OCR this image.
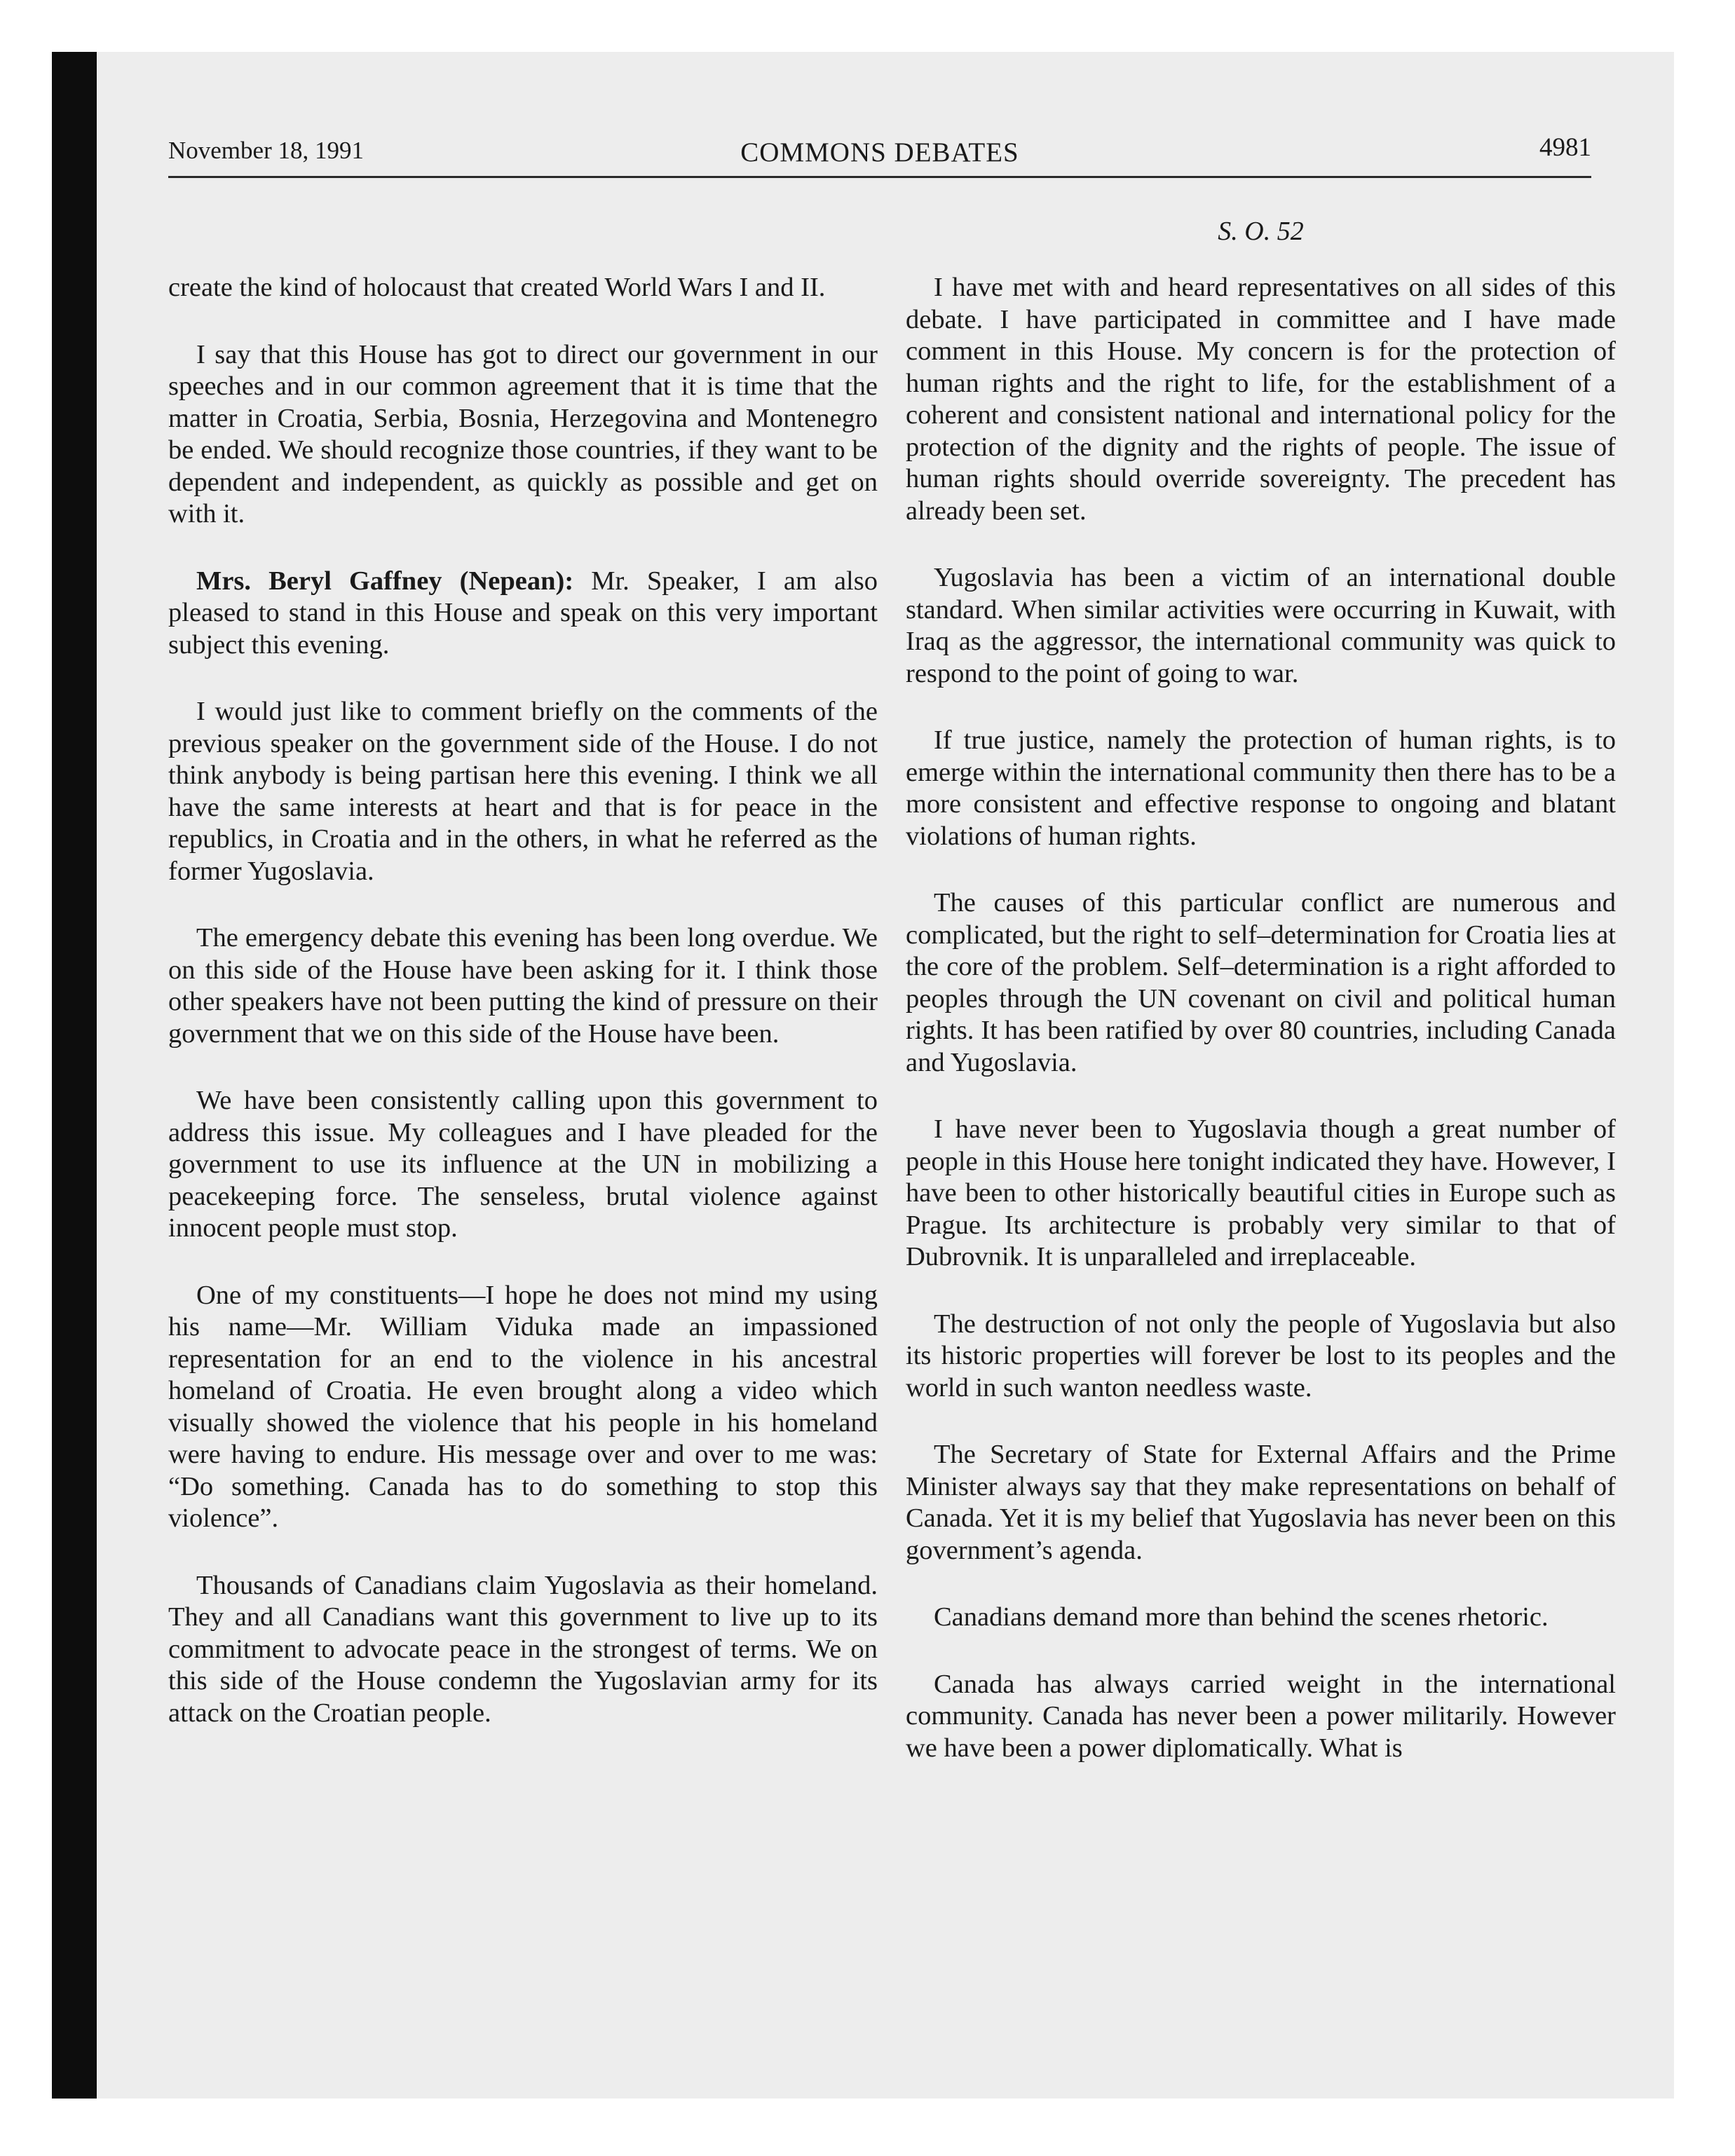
November 18, 1991	COMMONS DEBATES	4981
S. O. 52

create the kind of holocaust that created World Wars I and II.

I say that this House has got to direct our government in our speeches and in our common agreement that it is time that the matter in Croatia, Serbia, Bosnia, Herzegovina and Montenegro be ended. We should recognize those countries, if they want to be dependent and independent, as quickly as possible and get on with it.

Mrs. Beryl Gaffney (Nepean): Mr. Speaker, I am also pleased to stand in this House and speak on this very important subject this evening.

I would just like to comment briefly on the comments of the previous speaker on the government side of the House. I do not think anybody is being partisan here this evening. I think we all have the same interests at heart and that is for peace in the republics, in Croatia and in the others, in what he referred as the former Yugoslavia.

The emergency debate this evening has been long overdue. We on this side of the House have been asking for it. I think those other speakers have not been putting the kind of pressure on their government that we on this side of the House have been.

We have been consistently calling upon this government to address this issue. My colleagues and I have pleaded for the government to use its influence at the UN in mobilizing a peacekeeping force. The senseless, brutal violence against innocent people must stop.

One of my constituents—I hope he does not mind my using his name—Mr. William Viduka made an impassioned representation for an end to the violence in his ancestral homeland of Croatia. He even brought along a video which visually showed the violence that his people in his homeland were having to endure. His message over and over to me was: “Do something. Canada has to do something to stop this violence”.

Thousands of Canadians claim Yugoslavia as their homeland. They and all Canadians want this government to live up to its commitment to advocate peace in the strongest of terms. We on this side of the House condemn the Yugoslavian army for its attack on the Croatian people.

I have met with and heard representatives on all sides of this debate. I have participated in committee and I have made comment in this House. My concern is for the protection of human rights and the right to life, for the establishment of a coherent and consistent national and international policy for the protection of the dignity and the rights of people. The issue of human rights should override sovereignty. The precedent has already been set.

Yugoslavia has been a victim of an international double standard. When similar activities were occurring in Kuwait, with Iraq as the aggressor, the international community was quick to respond to the point of going to war.

If true justice, namely the protection of human rights, is to emerge within the international community then there has to be a more consistent and effective response to ongoing and blatant violations of human rights.

The causes of this particular conflict are numerous and complicated, but the right to self–determination for Croatia lies at the core of the problem. Self–determination is a right afforded to peoples through the UN covenant on civil and political human rights. It has been ratified by over 80 countries, including Canada and Yugoslavia.

I have never been to Yugoslavia though a great number of people in this House here tonight indicated they have. However, I have been to other historically beautiful cities in Europe such as Prague. Its architecture is probably very similar to that of Dubrovnik. It is unparalleled and irreplaceable.

The destruction of not only the people of Yugoslavia but also its historic properties will forever be lost to its peoples and the world in such wanton needless waste.

The Secretary of State for External Affairs and the Prime Minister always say that they make representations on behalf of Canada. Yet it is my belief that Yugoslavia has never been on this government’s agenda.

Canadians demand more than behind the scenes rhetoric.

Canada has always carried weight in the international community. Canada has never been a power militarily. However we have been a power diplomatically. What is
